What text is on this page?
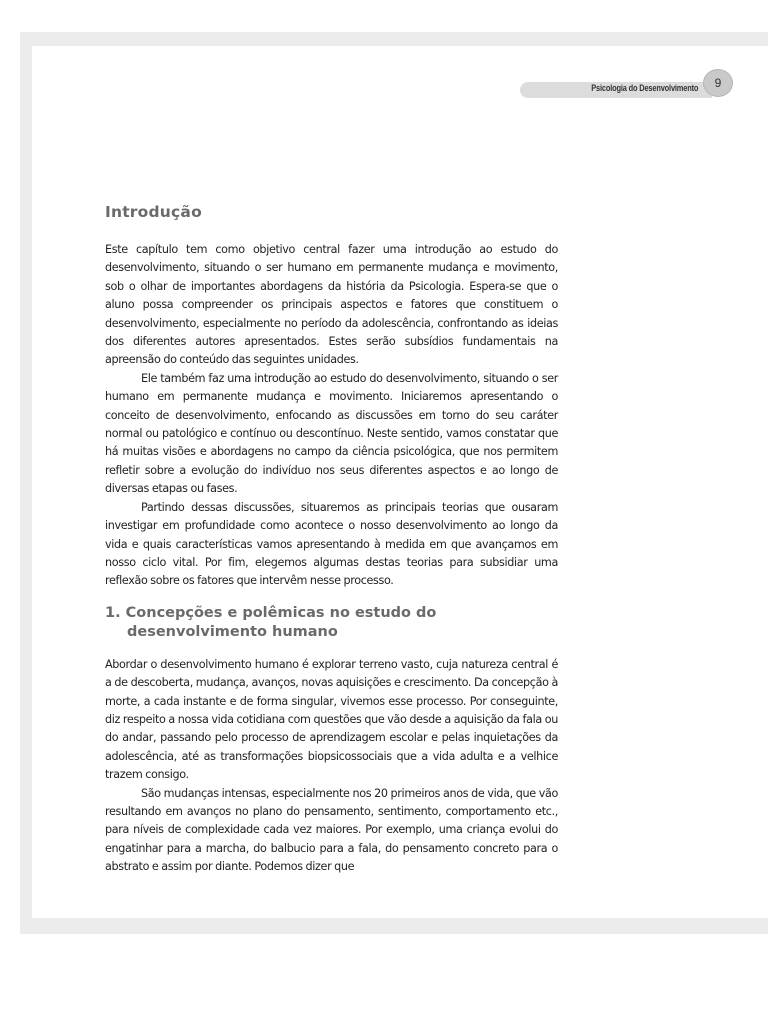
Psicologia do Desenvolvimento	9
Introdução

Este capítulo tem como objetivo central fazer uma introdução ao estudo do desenvolvimento, situando o ser humano em permanente mudança e movimento, sob o olhar de importantes abordagens da história da Psicologia. Espera-se que o aluno possa compreender os principais aspectos e fatores que constituem o desenvolvimento, especialmente no período da adolescência, confrontando as ideias dos diferentes autores apresentados. Estes serão subsídios fundamentais na apreensão do conteúdo das seguintes unidades.

Ele também faz uma introdução ao estudo do desenvolvimento, situando o ser humano em permanente mudança e movimento. Iniciaremos apresentando o conceito de desenvolvimento, enfocando as discussões em torno do seu caráter normal ou patológico e contínuo ou descontínuo. Neste sentido, vamos constatar que há muitas visões e abordagens no campo da ciência psicológica, que nos permitem refletir sobre a evolução do indivíduo nos seus diferentes aspectos e ao longo de diversas etapas ou fases.

Partindo dessas discussões, situaremos as principais teorias que ousaram investigar em profundidade como acontece o nosso desenvolvimento ao longo da vida e quais características vamos apresentando à medida em que avançamos em nosso ciclo vital. Por fim, elegemos algumas destas teorias para subsidiar uma reflexão sobre os fatores que intervêm nesse processo.

1. Concepções e polêmicas no estudo do desenvolvimento humano

Abordar o desenvolvimento humano é explorar terreno vasto, cuja natureza central é a de descoberta, mudança, avanços, novas aquisições e crescimento. Da concepção à morte, a cada instante e de forma singular, vivemos esse processo. Por conseguinte, diz respeito a nossa vida cotidiana com questões que vão desde a aquisição da fala ou do andar, passando pelo processo de aprendizagem escolar e pelas inquietações da adolescência, até as transformações biopsicossociais que a vida adulta e a velhice trazem consigo.

São mudanças intensas, especialmente nos 20 primeiros anos de vida, que vão resultando em avanços no plano do pensamento, sentimento, comportamento etc., para níveis de complexidade cada vez maiores. Por exemplo, uma criança evolui do engatinhar para a marcha, do balbucio para a fala, do pensamento concreto para o abstrato e assim por diante. Podemos dizer que
